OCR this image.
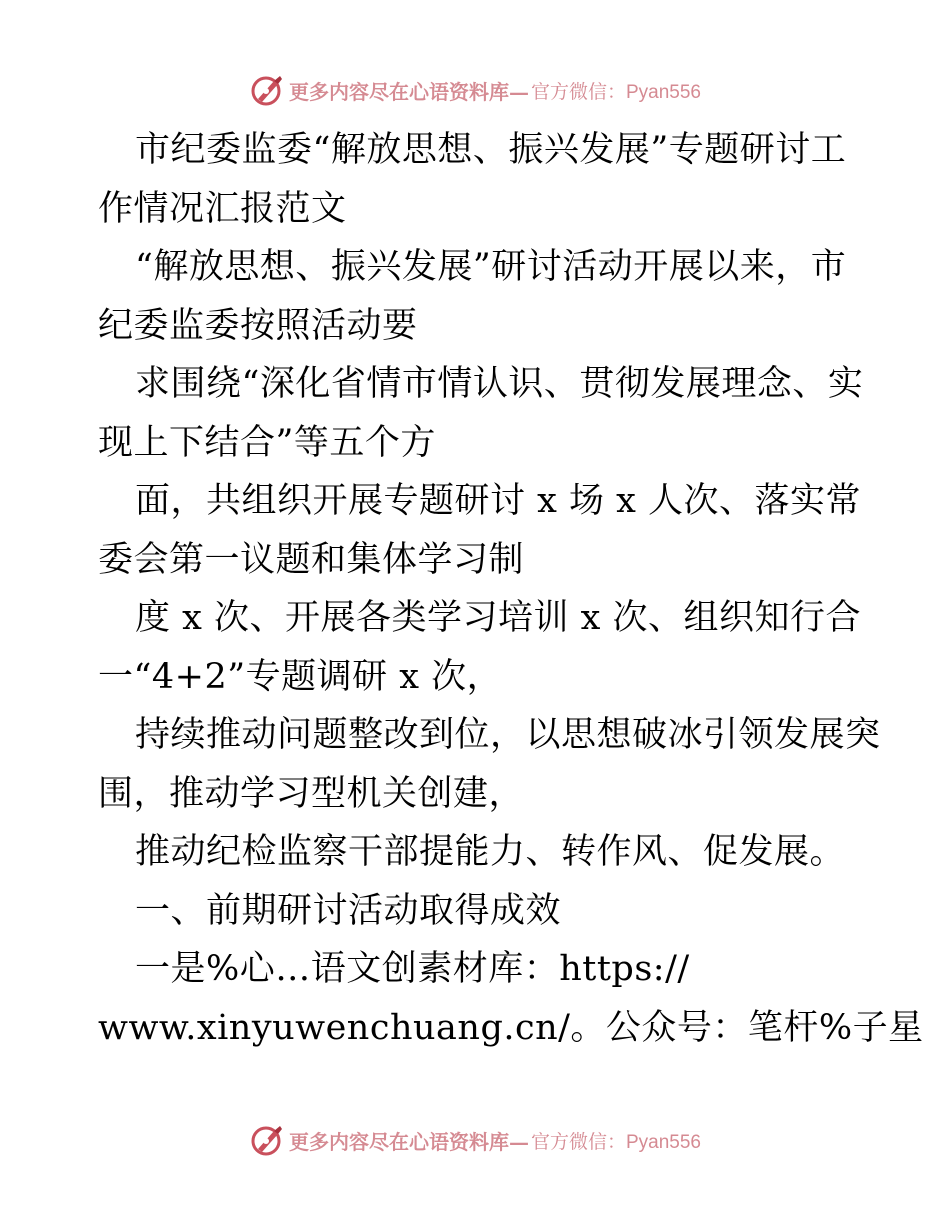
更多内容尽在心语资料库— 官方微信：Pyan556
市纪委监委“解放思想、振兴发展”专题研讨工
作情况汇报范文
“解放思想、振兴发展”研讨活动开展以来，市
纪委监委按照活动要
求围绕“深化省情市情认识、贯彻发展理念、实
现上下结合”等五个方
面，共组织开展专题研讨 x 场 x 人次、落实常
委会第一议题和集体学习制
度 x 次、开展各类学习培训 x 次、组织知行合
一“4+2”专题调研 x 次，
持续推动问题整改到位，以思想破冰引领发展突
围，推动学习型机关创建，
推动纪检监察干部提能力、转作风、促发展。
一、前期研讨活动取得成效
一是%心…语文创素材库：https://
www.xinyuwenchuang.cn/。公众号：笔杆%子星
更多内容尽在心语资料库— 官方微信：Pyan556
